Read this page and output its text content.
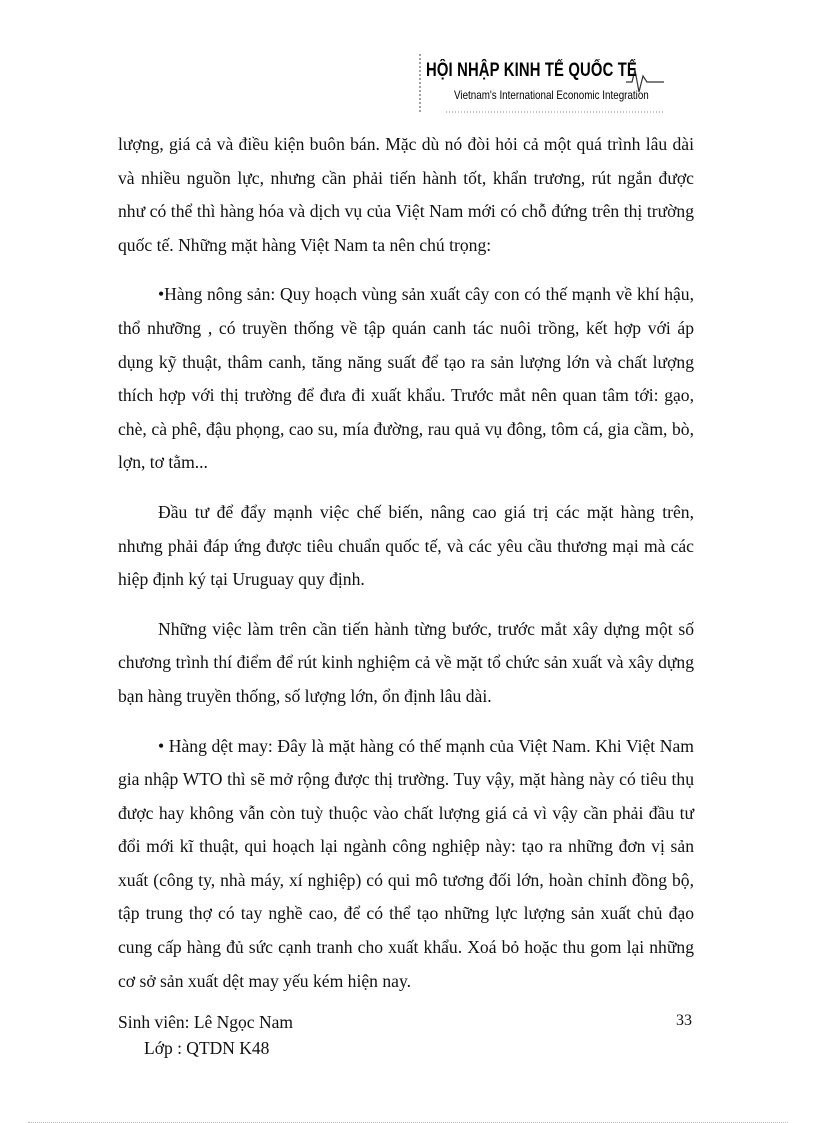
HỘI NHẬP KINH TẾ QUỐC TẾ
Vietnam's International Economic Integration

lượng, giá cả và điều kiện buôn bán. Mặc dù nó đòi hỏi cả một quá trình lâu dài và nhiều nguồn lực, nhưng cần phải tiến hành tốt, khẩn trương, rút ngắn được như có thể thì hàng hóa và dịch vụ của Việt Nam mới có chỗ đứng trên thị trường quốc tế. Những mặt hàng Việt Nam ta nên chú trọng:

•Hàng nông sản: Quy hoạch vùng sản xuất cây con có thế mạnh về khí hậu, thổ nhưỡng , có truyền thống về tập quán canh tác nuôi trồng, kết hợp với áp dụng kỹ thuật, thâm canh, tăng năng suất để tạo ra sản lượng lớn và chất lượng thích hợp với thị trường để đưa đi xuất khẩu. Trước mắt nên quan tâm tới: gạo, chè, cà phê, đậu phọng, cao su, mía đường, rau quả vụ đông, tôm cá, gia cầm, bò, lợn, tơ tằm...

Đầu tư để đẩy mạnh việc chế biến, nâng cao giá trị các mặt hàng trên, nhưng phải đáp ứng được tiêu chuẩn quốc tế, và các yêu cầu thương mại mà các hiệp định ký tại Uruguay quy định.

Những việc làm trên cần tiến hành từng bước, trước mắt xây dựng một số chương trình thí điểm để rút kinh nghiệm cả về mặt tổ chức sản xuất và xây dựng bạn hàng truyền thống, số lượng lớn, ổn định lâu dài.

• Hàng dệt may: Đây là mặt hàng có thế mạnh của Việt Nam. Khi Việt Nam gia nhập WTO thì sẽ mở rộng được thị trường. Tuy vậy, mặt hàng này có tiêu thụ được hay không vẫn còn tuỳ thuộc vào chất lượng giá cả vì vậy cần phải đầu tư đổi mới kĩ thuật, qui hoạch lại ngành công nghiệp này: tạo ra những đơn vị sản xuất (công ty, nhà máy, xí nghiệp) có qui mô tương đối lớn, hoàn chỉnh đồng bộ, tập trung thợ có tay nghề cao, để có thể tạo những lực lượng sản xuất chủ đạo cung cấp hàng đủ sức cạnh tranh cho xuất khẩu. Xoá bỏ hoặc thu gom lại những cơ sở sản xuất dệt may yếu kém hiện nay.

Sinh viên: Lê Ngọc Nam
Lớp : QTDN K48
33
